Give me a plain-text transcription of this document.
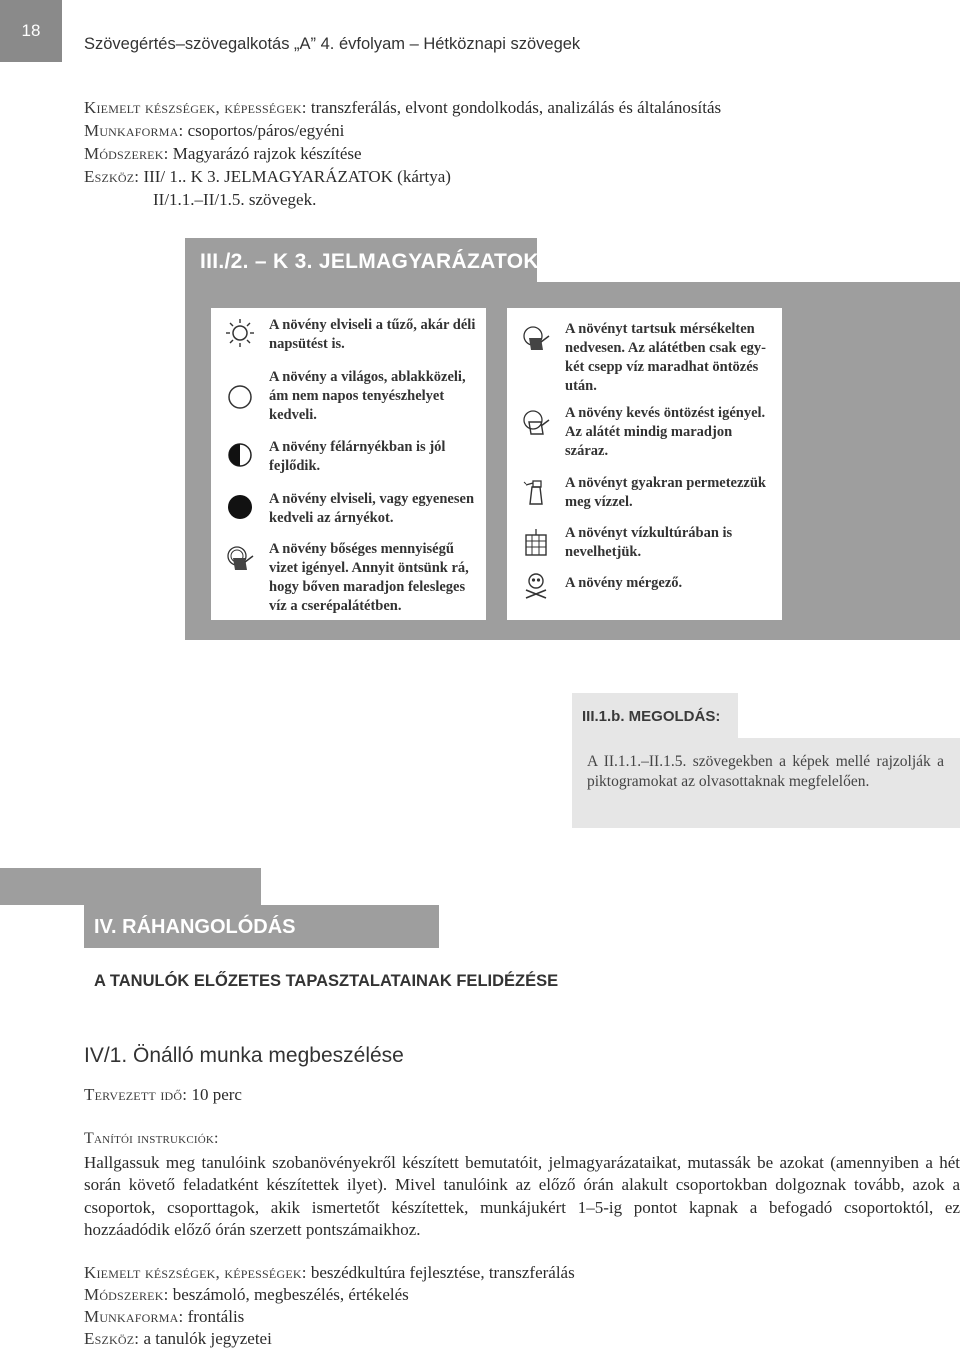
18
Szövegértés–szövegalkotás „A” 4. évfolyam – Hétköznapi szövegek
Kiemelt készségek, képességek: transzferálás, elvont gondolkodás, analizálás és általánosítás
Munkaforma: csoportos/páros/egyéni
Módszerek: Magyarázó rajzok készítése
Eszköz: III/ 1.. K 3. JELMAGYARÁZATOK (kártya)
II/1.1.–II/1.5. szövegek.
III./2. – K 3. JELMAGYARÁZATOK
A növény elviseli a tűző, akár déli napsütést is.
A növény a világos, ablakközeli, ám nem napos tenyészhelyet kedveli.
A növény félárnyékban is jól fejlődik.
A növény elviseli, vagy egyenesen kedveli az árnyékot.
A növény bőséges mennyiségű vizet igényel. Annyit öntsünk rá, hogy bőven maradjon felesleges víz a cserépalátétben.
A növényt tartsuk mérsékelten nedvesen. Az alátétben csak egy-két csepp víz maradhat öntözés után.
A növény kevés öntözést igényel. Az alátét mindig maradjon száraz.
A növényt gyakran permetezzük meg vízzel.
A növényt vízkultúrában is nevelhetjük.
A növény mérgező.
III.1.b. MEGOLDÁS:
A II.1.1.–II.1.5. szövegekben a képek mellé rajzolják a piktogramokat az olvasottaknak megfelelően.
IV. RÁHANGOLÓDÁS
A TANULÓK ELŐZETES TAPASZTALATAINAK FELIDÉZÉSE
IV/1. Önálló munka megbeszélése
Tervezett idő: 10 perc
Tanítói instrukciók:
Hallgassuk meg tanulóink szobanövényekről készített bemutatóit, jelmagyarázataikat, mutassák be azokat (amennyiben a hét során követő feladatként készítettek ilyet). Mivel tanulóink az előző órán alakult csoportokban dolgoznak tovább, azok a csoportok, csoporttagok, akik ismertetőt készítettek, munkájukért 1–5-ig pontot kapnak a befogadó csoportoktól, ez hozzáadódik előző órán szerzett pontszámaikhoz.
Kiemelt készségek, képességek: beszédkultúra fejlesztése, transzferálás
Módszerek: beszámoló, megbeszélés, értékelés
Munkaforma: frontális
Eszköz: a tanulók jegyzetei
